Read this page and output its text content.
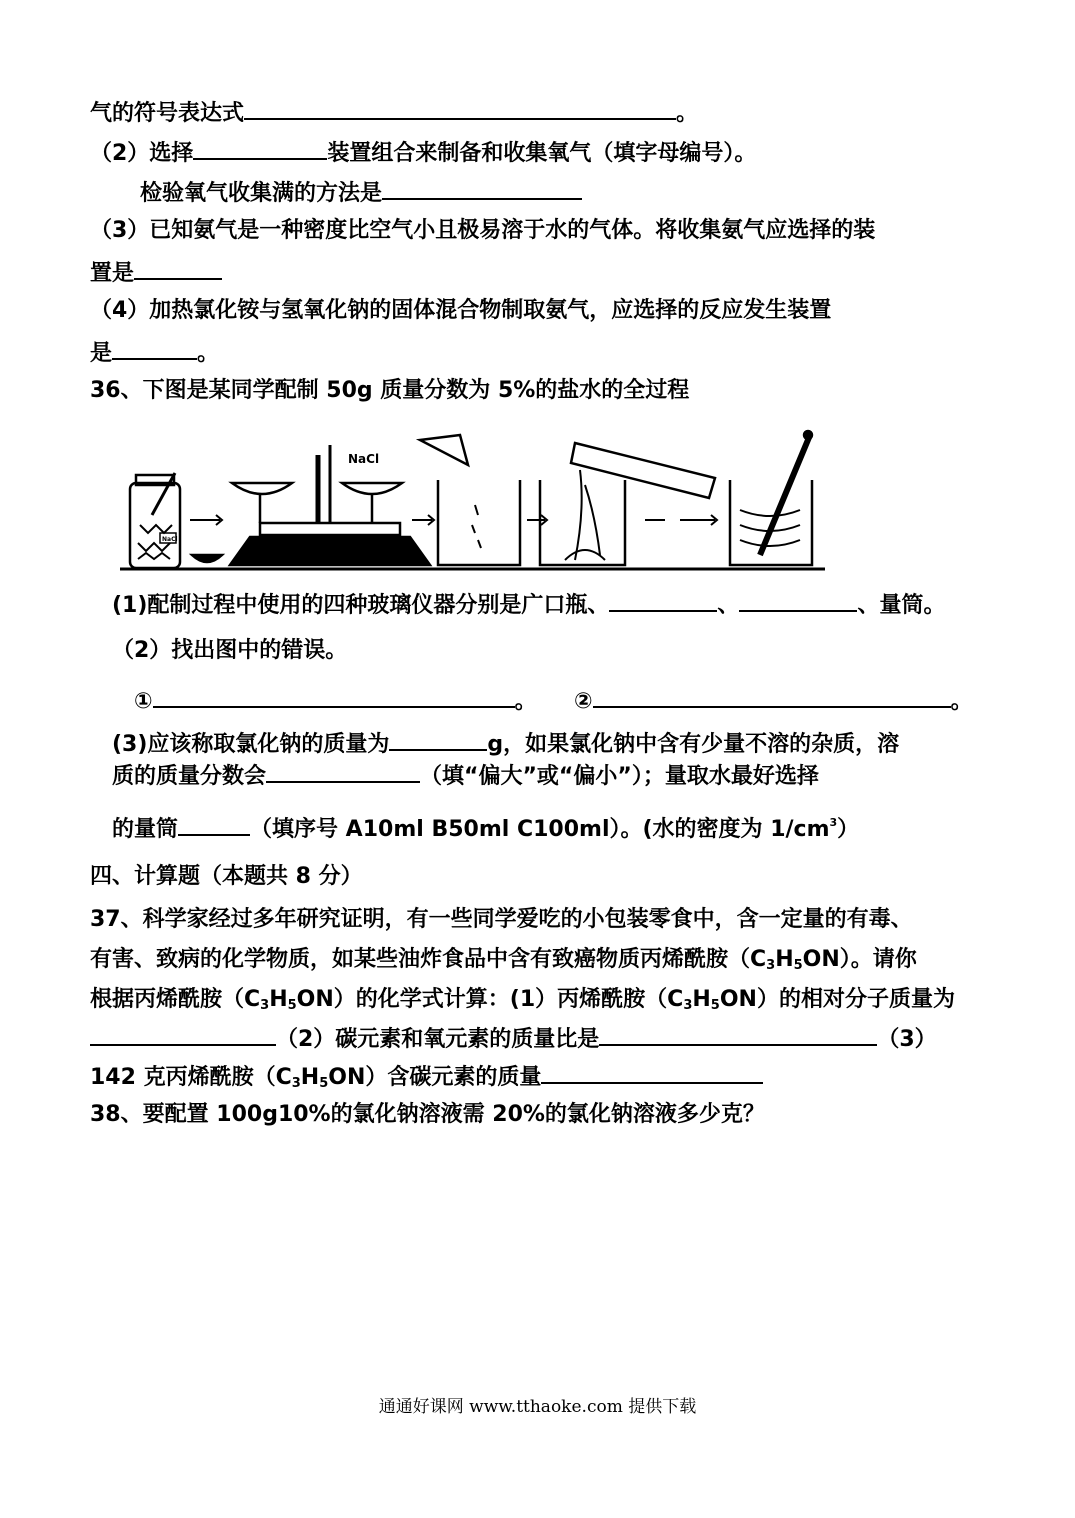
气的符号表达式	。
（2）选择	装置组合来制备和收集氧气（填字母编号）。
检验氧气收集满的方法是
（3）已知氨气是一种密度比空气小且极易溶于水的气体。将收集氨气应选择的装
置是
（4）加热氯化铵与氢氧化钠的固体混合物制取氨气，应选择的反应发生装置
是	。
36、下图是某同学配制 50g 质量分数为 5%的盐水的全过程
NaCl
NaCl
(1)配制过程中使用的四种玻璃仪器分别是广口瓶、	、	、量筒。
（2）找出图中的错误。
①	。 ②	。
(3)应该称取氯化钠的质量为	g，如果氯化钠中含有少量不溶的杂质，溶
质的质量分数会	（填“偏大”或“偏小”）；量取水最好选择
的量筒	（填序号 A10ml B50ml C100ml）。(水的密度为 $1/cm^3$）
四、计算题（本题共 8 分）
37、科学家经过多年研究证明，有一些同学爱吃的小包装零食中，含一定量的有毒、
有害、致病的化学物质，如某些油炸食品中含有致癌物质丙烯酰胺$(C_3H_5ON)$。请你
根据丙烯酰胺$(C_3H_5ON)$的化学式计算：(1）丙烯酰胺$(C_3H_5ON)$的相对分子质量为
（2）碳元素和氧元素的质量比是	（3）
142 克丙烯酰胺$(C_3H_5ON)$含碳元素的质量
38、要配置 100g10%的氯化钠溶液需 20%的氯化钠溶液多少克？
通通好课网 www.tthaoke.com 提供下载
